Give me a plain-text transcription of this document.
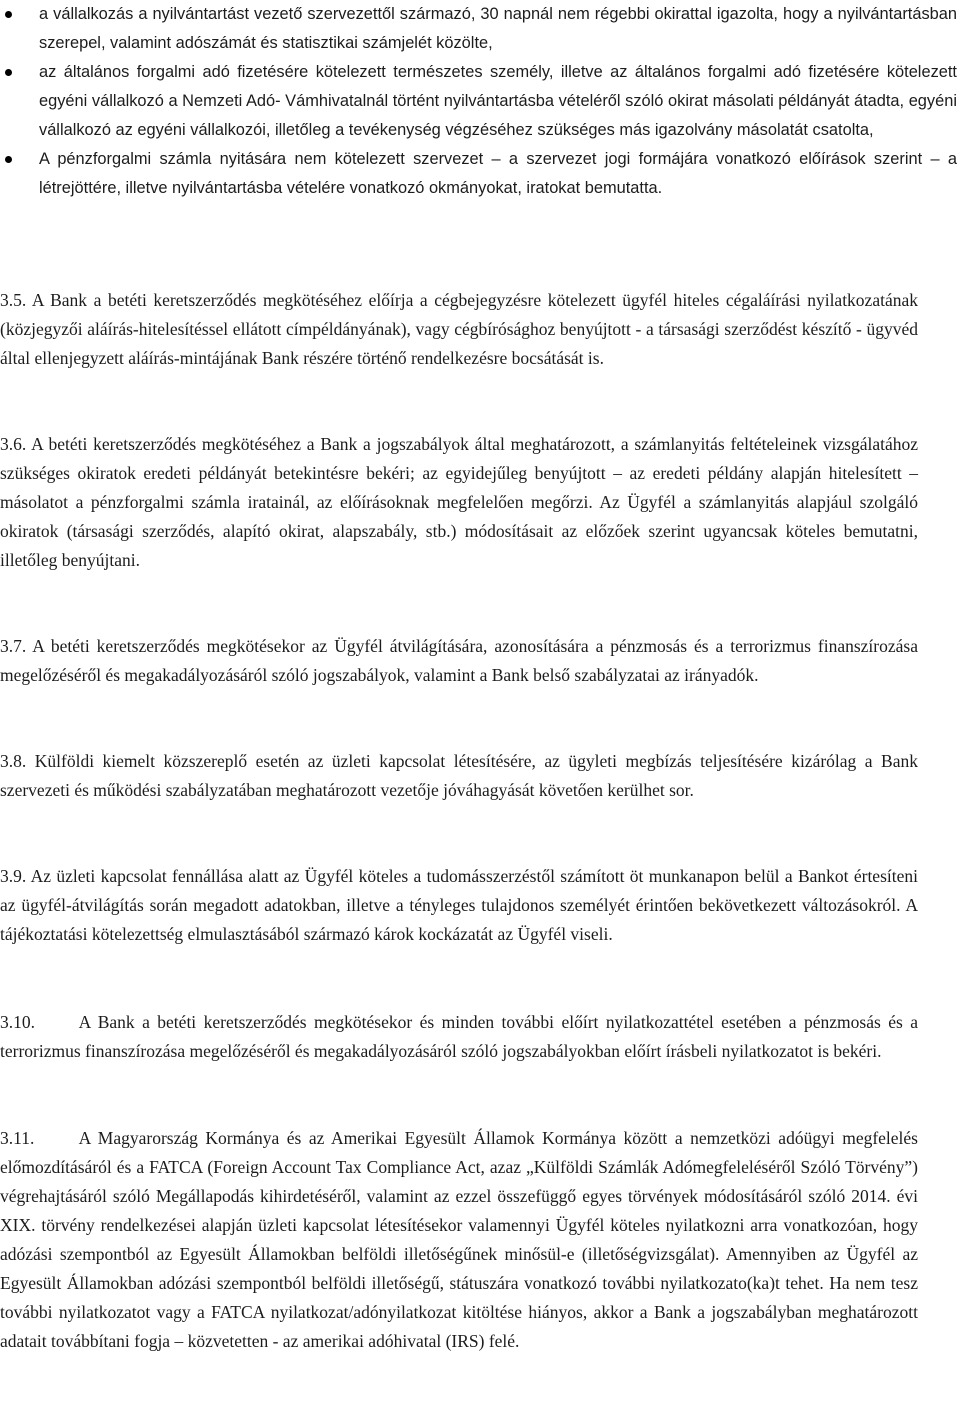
a vállalkozás a nyilvántartást vezető szervezettől származó, 30 napnál nem régebbi okirattal igazolta, hogy a nyilvántartásban szerepel, valamint adószámát és statisztikai számjelét közölte,
az általános forgalmi adó fizetésére kötelezett természetes személy, illetve az általános forgalmi adó fizetésére kötelezett egyéni vállalkozó a Nemzeti Adó- Vámhivatalnál történt nyilvántartásba vételéről szóló okirat másolati példányát átadta, egyéni vállalkozó az egyéni vállalkozói, illetőleg a tevékenység végzéséhez szükséges más igazolvány másolatát csatolta,
A pénzforgalmi számla nyitására nem kötelezett szervezet – a szervezet jogi formájára vonatkozó előírások szerint – a létrejöttére, illetve nyilvántartásba vételére vonatkozó okmányokat, iratokat bemutatta.
3.5. A Bank a betéti keretszerződés megkötéséhez előírja a cégbejegyzésre kötelezett ügyfél hiteles cégaláírási nyilatkozatának (közjegyzői aláírás-hitelesítéssel ellátott címpéldányának), vagy cégbírósághoz benyújtott - a társasági szerződést készítő - ügyvéd által ellenjegyzett aláírás-mintájának Bank részére történő rendelkezésre bocsátását is.
3.6. A betéti keretszerződés megkötéséhez a Bank a jogszabályok által meghatározott, a számlanyitás feltételeinek vizsgálatához szükséges okiratok eredeti példányát betekintésre bekéri; az egyidejűleg benyújtott – az eredeti példány alapján hitelesített – másolatot a pénzforgalmi számla iratainál, az előírásoknak megfelelően megőrzi. Az Ügyfél a számlanyitás alapjául szolgáló okiratok (társasági szerződés, alapító okirat, alapszabály, stb.) módosításait az előzőek szerint ugyancsak köteles bemutatni, illetőleg benyújtani.
3.7. A betéti keretszerződés megkötésekor az Ügyfél átvilágítására, azonosítására a pénzmosás és a terrorizmus finanszírozása megelőzéséről és megakadályozásáról szóló jogszabályok, valamint a Bank belső szabályzatai az irányadók.
3.8. Külföldi kiemelt közszereplő esetén az üzleti kapcsolat létesítésére, az ügyleti megbízás teljesítésére kizárólag a Bank szervezeti és működési szabályzatában meghatározott vezetője jóváhagyását követően kerülhet sor.
3.9. Az üzleti kapcsolat fennállása alatt az Ügyfél köteles a tudomásszerzéstől számított öt munkanapon belül a Bankot értesíteni az ügyfél-átvilágítás során megadott adatokban, illetve a tényleges tulajdonos személyét érintően bekövetkezett változásokról. A tájékoztatási kötelezettség elmulasztásából származó károk kockázatát az Ügyfél viseli.
3.10. A Bank a betéti keretszerződés megkötésekor és minden további előírt nyilatkozattétel esetében a pénzmosás és a terrorizmus finanszírozása megelőzéséről és megakadályozásáról szóló jogszabályokban előírt írásbeli nyilatkozatot is bekéri.
3.11.	A Magyarország Kormánya és az Amerikai Egyesült Államok Kormánya között a nemzetközi adóügyi megfelelés előmozdításáról és a FATCA (Foreign Account Tax Compliance Act, azaz „Külföldi Számlák Adómegfeleléséről Szóló Törvény”) végrehajtásáról szóló Megállapodás kihirdetéséről, valamint az ezzel összefüggő egyes törvények módosításáról szóló 2014. évi XIX. törvény rendelkezései alapján üzleti kapcsolat létesítésekor valamennyi Ügyfél köteles nyilatkozni arra vonatkozóan, hogy adózási szempontból az Egyesült Államokban belföldi illetőségűnek minősül-e (illetőségvizsgálat). Amennyiben az Ügyfél az Egyesült Államokban adózási szempontból belföldi illetőségű, státuszára vonatkozó további nyilatkozato(ka)t tehet. Ha nem tesz további nyilatkozatot vagy a FATCA nyilatkozat/adónyilatkozat kitöltése hiányos, akkor a Bank a jogszabályban meghatározott adatait továbbítani fogja – közvetetten - az amerikai adóhivatal (IRS) felé.
